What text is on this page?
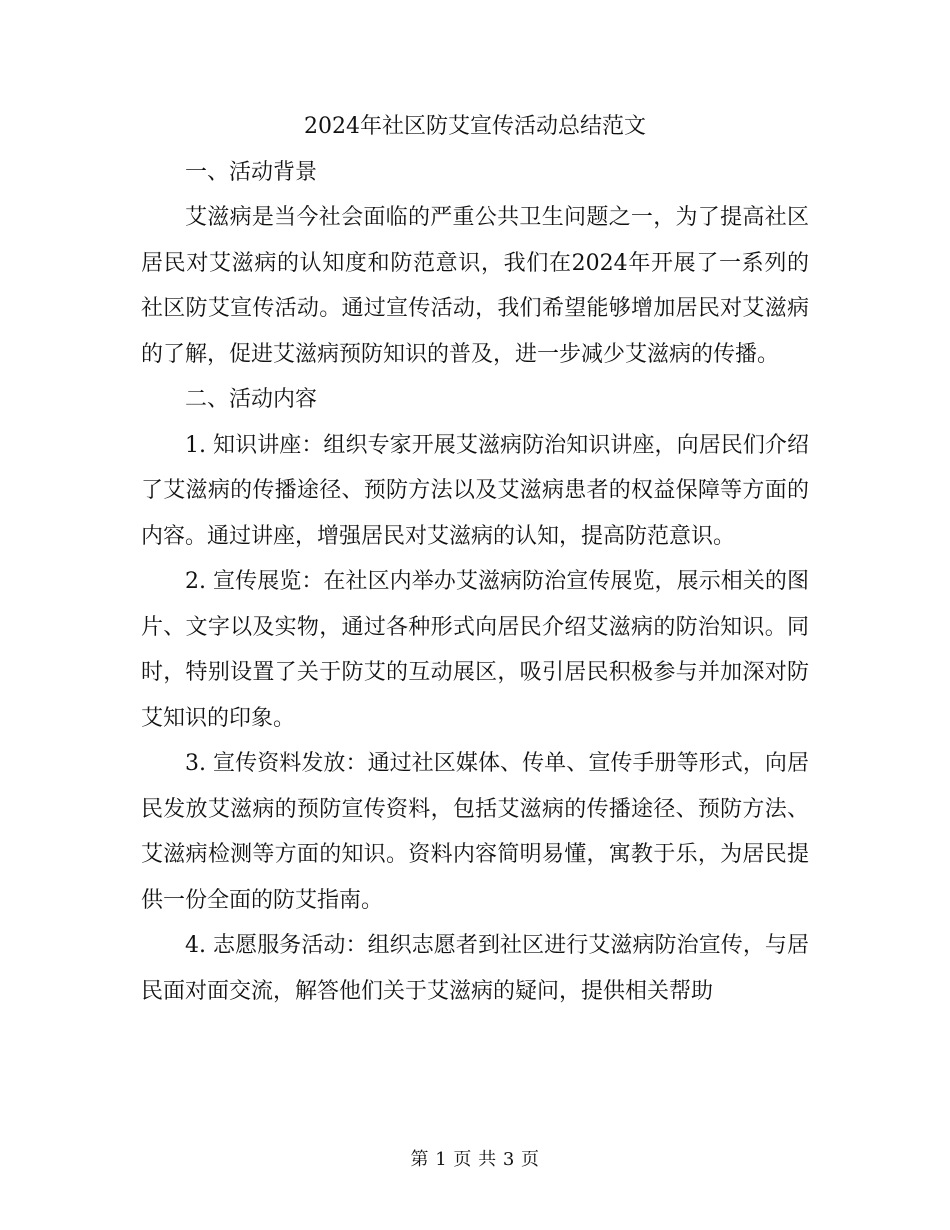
2024年社区防艾宣传活动总结范文

一、活动背景

艾滋病是当今社会面临的严重公共卫生问题之一，为了提高社区居民对艾滋病的认知度和防范意识，我们在2024年开展了一系列的社区防艾宣传活动。通过宣传活动，我们希望能够增加居民对艾滋病的了解，促进艾滋病预防知识的普及，进一步减少艾滋病的传播。

二、活动内容

1. 知识讲座：组织专家开展艾滋病防治知识讲座，向居民们介绍了艾滋病的传播途径、预防方法以及艾滋病患者的权益保障等方面的内容。通过讲座，增强居民对艾滋病的认知，提高防范意识。

2. 宣传展览：在社区内举办艾滋病防治宣传展览，展示相关的图片、文字以及实物，通过各种形式向居民介绍艾滋病的防治知识。同时，特别设置了关于防艾的互动展区，吸引居民积极参与并加深对防艾知识的印象。

3. 宣传资料发放：通过社区媒体、传单、宣传手册等形式，向居民发放艾滋病的预防宣传资料，包括艾滋病的传播途径、预防方法、艾滋病检测等方面的知识。资料内容简明易懂，寓教于乐，为居民提供一份全面的防艾指南。

4. 志愿服务活动：组织志愿者到社区进行艾滋病防治宣传，与居民面对面交流，解答他们关于艾滋病的疑问，提供相关帮助

第 1 页 共 3 页
